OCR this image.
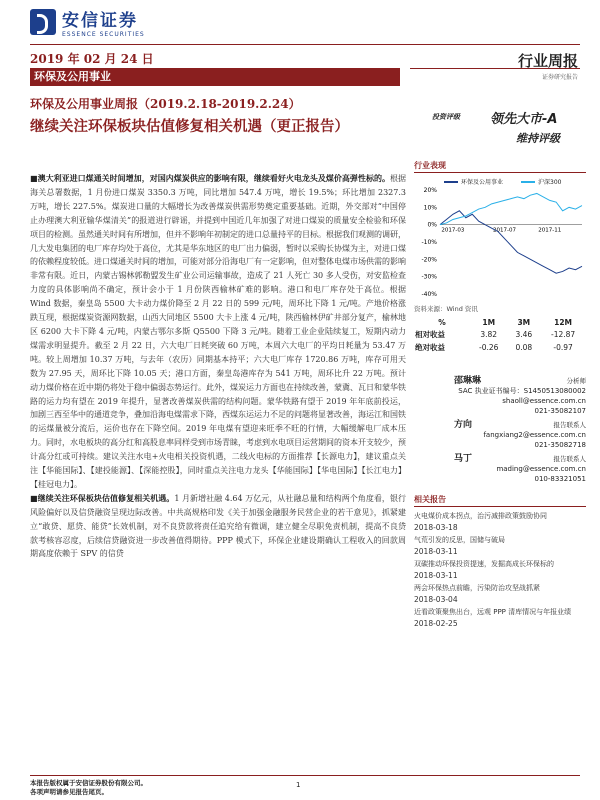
安信证券
ESSENCE SECURITIES
2019 年 02 月 24 日
环保及公用事业
行业周报
证券研究报告
环保及公用事业周报（2019.2.18-2019.2.24）
继续关注环保板块估值修复相关机遇（更正报告）
投资评级 领先大市-A
维持评级

■澳大利亚进口煤通关时间增加，对国内煤炭供应的影响有限，继续看好火电龙头及煤价高弹性标的。根据海关总署数据，1 月份进口煤炭 3350.3 万吨，同比增加 547.4 万吨，增长 19.5%；环比增加 2327.3 万吨，增长 227.5%。煤炭进口量的大幅增长为改善煤炭供需形势奠定重要基础。近期，外交部对“中国停止办理澳大利亚输华煤清关”的报道进行辟谣，并提到中国近几年加强了对进口煤炭的质量安全检验和环保项目的检测。虽然通关时间有所增加，但并不影响年初制定的进口总量持平的目标。根据我们观测的调研，几大发电集团的电厂库存均处于高位，尤其是华东地区的电厂出力偏弱，暂时以采购长协煤为主，对进口煤的依赖程度较低。进口煤通关时间的增加，可能对部分沿海电厂有一定影响，但对整体电煤市场供需的影响非常有限。近日，内蒙古锡林郭勒盟发生矿业公司运输事故，造成了 21 人死亡 30 多人受伤，对安监检查力度的具体影响尚不确定，预计会小于 1 月份陕西榆林矿难的影响。港口和电厂库存处于高位。根据 Wind 数据，秦皇岛 5500 大卡动力煤价降至 2 月 22 日的 599 元/吨，周环比下降 1 元/吨。产地价格涨跌互现，根据煤炭资源网数据，山西大同地区 5500 大卡上涨 4 元/吨，陕西榆林伊矿井部分复产，榆林地区 6200 大卡下降 4 元/吨，内蒙古鄂尔多斯 Q5500 下降 3 元/吨。随着工业企业陆续复工，短期内动力煤需求明显提升。截至 2 月 22 日，六大电厂日耗突破 60 万吨，本周六大电厂的平均日耗量为 53.47 万吨。较上周增加 10.37 万吨，与去年（农历）同期基本持平；六大电厂库存 1720.86 万吨，库存可用天数为 27.95 天，周环比下降 10.05 天；港口方面，秦皇岛港库存为 541 万吨，周环比升 22 万吨。预计动力煤价格在近中期仍将处于稳中偏弱态势运行。此外，煤炭运力方面也在持续改善，蒙冀、瓦日和蒙华铁路的运力均有望在 2019 年提升，显著改善煤炭供需的结构问题。蒙华铁路有望于 2019 年年底前投运，加剧三西至华中的通道竞争，叠加沿海电煤需求下降，西煤东运运力不足的问题将显著改善，海运江和国铁的运煤量被分流后，运价也存在下降空间。2019 年电煤有望迎来旺季不旺的行情，大幅缓解电厂成本压力。同时，水电板块的高分红和高股息率同样受到市场青睐，考虑到水电项目运营期间的资本开支较少，预计高分红或可持续。建议关注水电+火电相关投资机遇，二线火电标的方面推荐【长源电力】，建议重点关注【华能国际】、【建投能源】、【深能控股】，同时重点关注电力龙头【华能国际】【华电国际】【长江电力】【桂冠电力】。

■继续关注环保板块估值修复相关机遇。1 月新增社融 4.64 万亿元，从社融总量和结构两个角度看，银行风险偏好以及信贷融资呈现边际改善。中共高规格印发《关于加强金融服务民营企业的若干意见》，抓紧建立“敢贷、愿贷、能贷”长效机制，对不良贷款将责任追究给有微调，建立健全尽职免责机制，提高不良贷款考核容忍度，后续信贷融资进一步改善值得期待。PPP 模式下，环保企业建设期确认工程收入的回款周期高度依赖于 SPV 的信贷

行业表现
环保及公用事业	沪深300
20%
10%
0%
-10%
-20%
-30%
-40%
2017-03	2017-07	2017-11
资料来源：Wind 资讯
%	1M	3M	12M
相对收益	3.82	3.46	-12.87
绝对收益	-0.26	0.08	-0.97
邵琳琳	分析师
SAC 执业证书编号：S1450513080002
shaoll@essence.com.cn
021-35082107
方向	报告联系人
fangxiang2@essence.com.cn
021-35082718
马丁	报告联系人
mading@essence.com.cn
010-83321051
相关报告
火电煤价成本拐点，治污减排政策鼓励协同
2018-03-18
气荒引发的反思，国储与破局
2018-03-11
双碳推动环保投资提速，发掘高成长环保标的
2018-03-11
两会环保热点前瞻，污染防治攻坚战抓紧
2018-03-04
近看政策聚焦出台，远观 PPP 清库情况与年报业绩
2018-02-25
本报告版权属于安信证券股份有限公司。
各项声明请参见报告尾页。
1
